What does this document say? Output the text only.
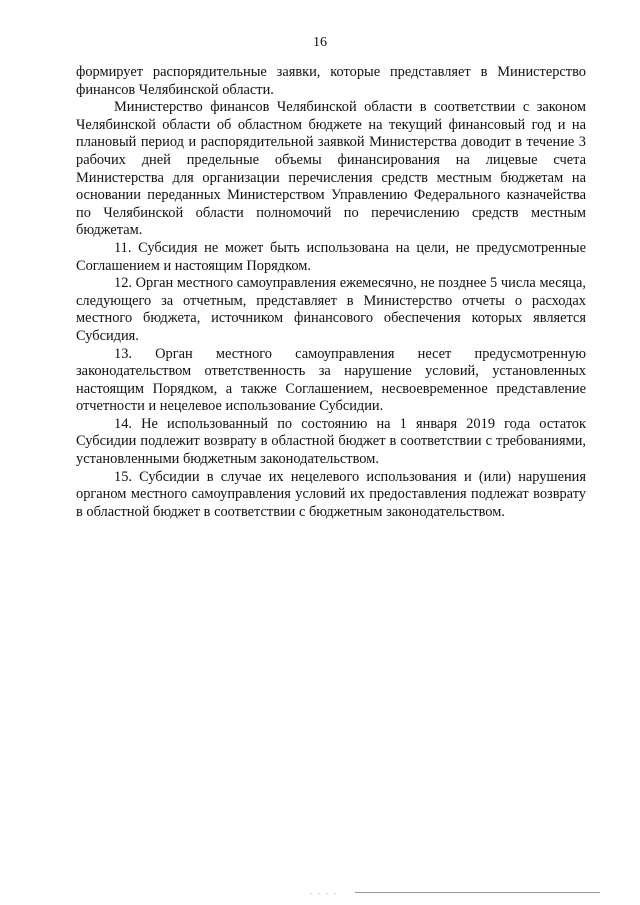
16

формирует распорядительные заявки, которые представляет в Министерство финансов Челябинской области.

Министерство финансов Челябинской области в соответствии с законом Челябинской области об областном бюджете на текущий финансовый год и на плановый период и распорядительной заявкой Министерства доводит в течение 3 рабочих дней предельные объемы финансирования на лицевые счета Министерства для организации перечисления средств местным бюджетам на основании переданных Министерством Управлению Федерального казначейства по Челябинской области полномочий по перечислению средств местным бюджетам.

11. Субсидия не может быть использована на цели, не предусмотренные Соглашением и настоящим Порядком.

12. Орган местного самоуправления ежемесячно, не позднее 5 числа месяца, следующего за отчетным, представляет в Министерство отчеты о расходах местного бюджета, источником финансового обеспечения которых является Субсидия.

13. Орган местного самоуправления несет предусмотренную законодательством ответственность за нарушение условий, установленных настоящим Порядком, а также Соглашением, несвоевременное представление отчетности и нецелевое использование Субсидии.

14. Не использованный по состоянию на 1 января 2019 года остаток Субсидии подлежит возврату в областной бюджет в соответствии с требованиями, установленными бюджетным законодательством.

15. Субсидии в случае их нецелевого использования и (или) нарушения органом местного самоуправления условий их предоставления подлежат возврату в областной бюджет в соответствии с бюджетным законодательством.

. . . .
